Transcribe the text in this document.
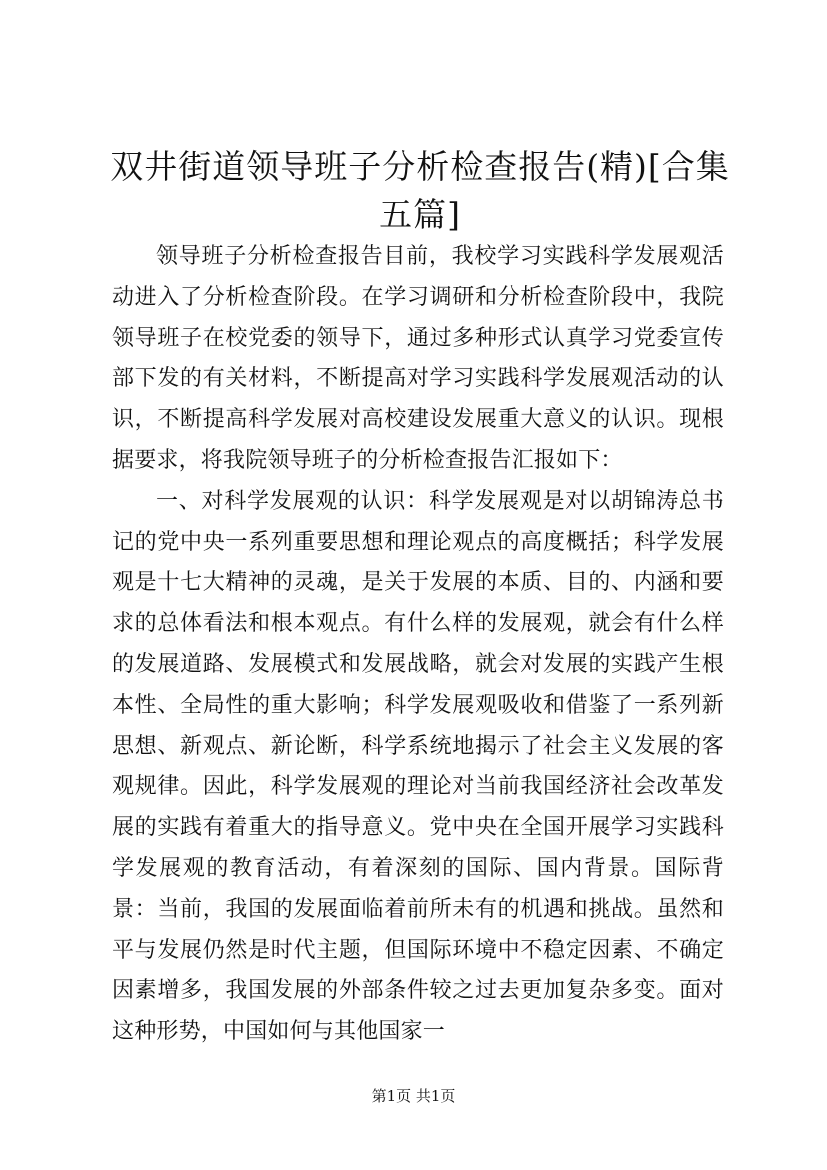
双井街道领导班子分析检查报告(精)[合集五篇]

领导班子分析检查报告目前，我校学习实践科学发展观活动进入了分析检查阶段。在学习调研和分析检查阶段中，我院领导班子在校党委的领导下，通过多种形式认真学习党委宣传部下发的有关材料，不断提高对学习实践科学发展观活动的认识，不断提高科学发展对高校建设发展重大意义的认识。现根据要求，将我院领导班子的分析检查报告汇报如下：

一、对科学发展观的认识：科学发展观是对以胡锦涛总书记的党中央一系列重要思想和理论观点的高度概括；科学发展观是十七大精神的灵魂，是关于发展的本质、目的、内涵和要求的总体看法和根本观点。有什么样的发展观，就会有什么样的发展道路、发展模式和发展战略，就会对发展的实践产生根本性、全局性的重大影响；科学发展观吸收和借鉴了一系列新思想、新观点、新论断，科学系统地揭示了社会主义发展的客观规律。因此，科学发展观的理论对当前我国经济社会改革发展的实践有着重大的指导意义。党中央在全国开展学习实践科学发展观的教育活动，有着深刻的国际、国内背景。国际背景：当前，我国的发展面临着前所未有的机遇和挑战。虽然和平与发展仍然是时代主题，但国际环境中不稳定因素、不确定因素增多，我国发展的外部条件较之过去更加复杂多变。面对这种形势，中国如何与其他国家一

第1页 共1页
